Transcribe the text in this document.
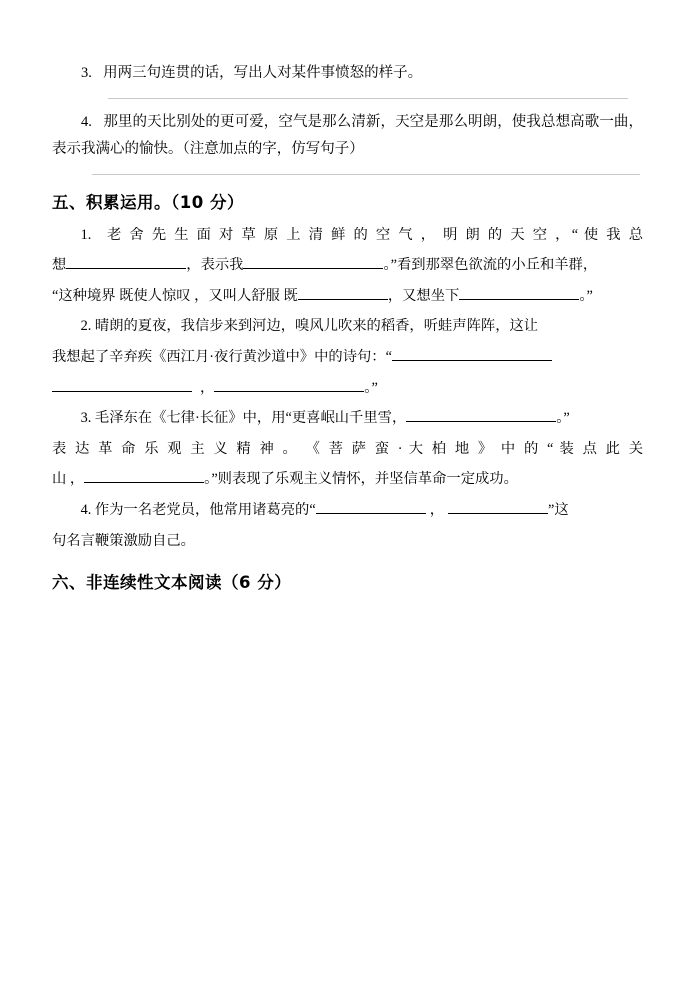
3. 用两三句连贯的话，写出人对某件事愤怒的样子。
4. 那里的天比别处的更可爱，空气是那么清新，天空是那么明朗，使我总想高歌一曲，表示我满心的愉快。（注意加点的字，仿写句子）
五、积累运用。（10 分）
1. 老 舍 先 生 面 对 草 原 上 清 鲜 的 空 气 ， 明 朗 的 天 空 ，“ 使 我 总
想	，表示我	。”看到那翠色欲流的小丘和羊群，
“这种境界 既使人惊叹 ，又叫人舒服 既	，又想坐下	。”
2. 晴朗的夏夜，我信步来到河边，嗅风儿吹来的稻香，听蛙声阵阵，这让
我想起了辛弃疾《西江月·夜行黄沙道中》中的诗句：“
，	。”
3. 毛泽东在《七律·长征》中，用“更喜岷山千里雪，	。”
表 达 革 命 乐 观 主 义 精 神 。 《 菩 萨 蛮 · 大 柏 地 》 中 的 “ 装 点 此 关
山 ，	。”则表现了乐观主义情怀，并坚信革命一定成功。
4. 作为一名老党员，他常用诸葛亮的“	，	”这
句名言鞭策激励自己。
六、非连续性文本阅读（6 分）
